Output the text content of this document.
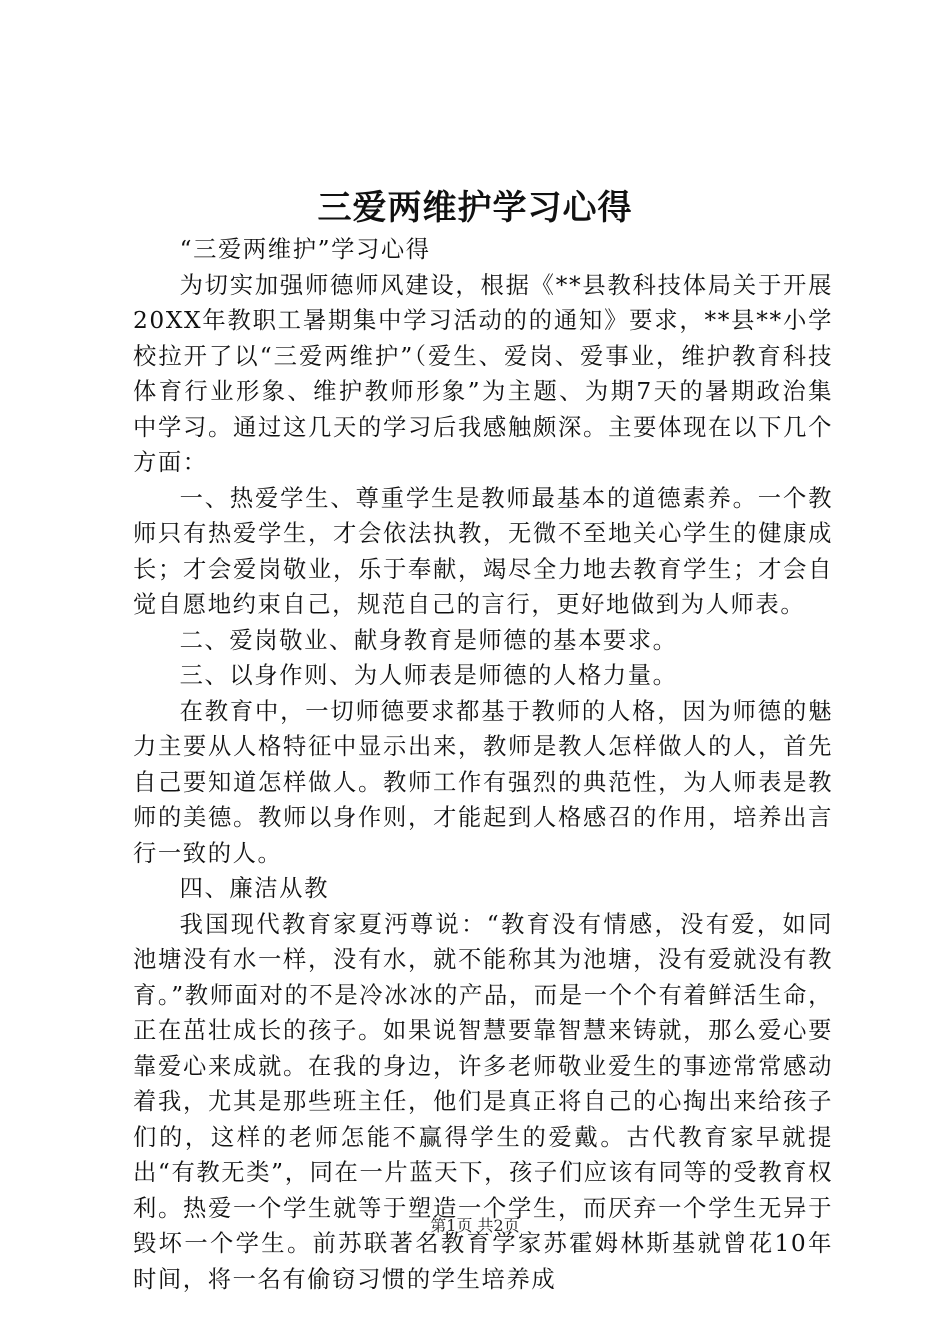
三爱两维护学习心得

“三爱两维护”学习心得

为切实加强师德师风建设，根据《**县教科技体局关于开展20XX年教职工暑期集中学习活动的的通知》要求，**县**小学校拉开了以“三爱两维护”（爱生、爱岗、爱事业，维护教育科技体育行业形象、维护教师形象”为主题、为期7天的暑期政治集中学习。通过这几天的学习后我感触颇深。主要体现在以下几个方面：

一、热爱学生、尊重学生是教师最基本的道德素养。一个教师只有热爱学生，才会依法执教，无微不至地关心学生的健康成长；才会爱岗敬业，乐于奉献，竭尽全力地去教育学生；才会自觉自愿地约束自己，规范自己的言行，更好地做到为人师表。

二、爱岗敬业、献身教育是师德的基本要求。

三、以身作则、为人师表是师德的人格力量。

在教育中，一切师德要求都基于教师的人格，因为师德的魅力主要从人格特征中显示出来，教师是教人怎样做人的人，首先自己要知道怎样做人。教师工作有强烈的典范性，为人师表是教师的美德。教师以身作则，才能起到人格感召的作用，培养出言行一致的人。

四、廉洁从教

我国现代教育家夏沔尊说：“教育没有情感，没有爱，如同池塘没有水一样，没有水，就不能称其为池塘，没有爱就没有教育。”教师面对的不是冷冰冰的产品，而是一个个有着鲜活生命，正在茁壮成长的孩子。如果说智慧要靠智慧来铸就，那么爱心要靠爱心来成就。在我的身边，许多老师敬业爱生的事迹常常感动着我，尤其是那些班主任，他们是真正将自己的心掏出来给孩子们的，这样的老师怎能不赢得学生的爱戴。古代教育家早就提出“有教无类”，同在一片蓝天下，孩子们应该有同等的受教育权利。热爱一个学生就等于塑造一个学生，而厌弃一个学生无异于毁坏一个学生。前苏联著名教育学家苏霍姆林斯基就曾花10年时间，将一名有偷窃习惯的学生培养成

第1页 共2页
